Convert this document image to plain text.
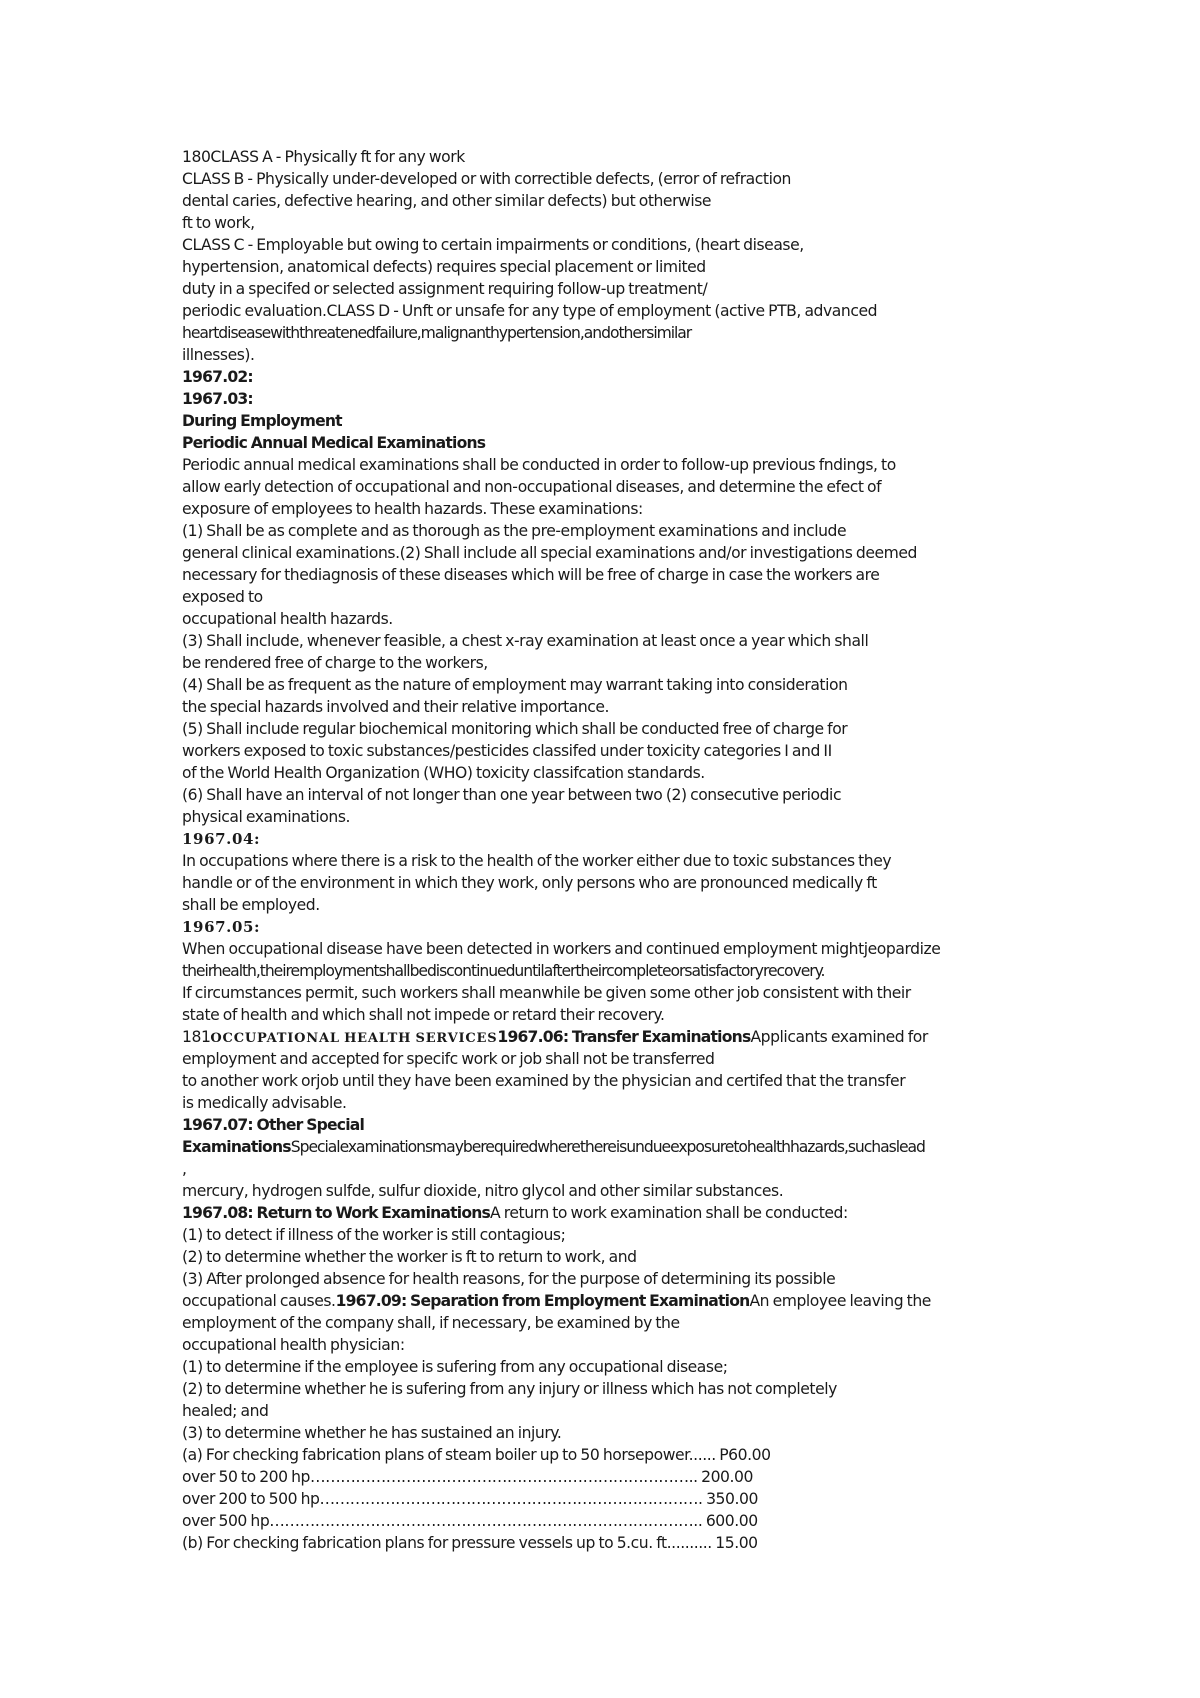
180CLASS A - Physically ft for any work
CLASS B - Physically under-developed or with correctible defects, (error of refraction
dental caries, defective hearing, and other similar defects) but otherwise
ft to work,
CLASS C - Employable but owing to certain impairments or conditions, (heart disease,
hypertension, anatomical defects) requires special placement or limited
duty in a specifed or selected assignment requiring follow-up treatment/
periodic evaluation.CLASS D - Unft or unsafe for any type of employment (active PTB, advanced
heartdiseasewiththreatenedfailure,malignanthypertension,andothersimilar
illnesses).
1967.02:
1967.03:
During Employment
Periodic Annual Medical Examinations
Periodic annual medical examinations shall be conducted in order to follow-up previous fndings, to
allow early detection of occupational and non-occupational diseases, and determine the efect of
exposure of employees to health hazards. These examinations:
(1) Shall be as complete and as thorough as the pre-employment examinations and include
general clinical examinations.(2) Shall include all special examinations and/or investigations deemed
necessary for thediagnosis of these diseases which will be free of charge in case the workers are
exposed to
occupational health hazards.
(3) Shall include, whenever feasible, a chest x-ray examination at least once a year which shall
be rendered free of charge to the workers,
(4) Shall be as frequent as the nature of employment may warrant taking into consideration
the special hazards involved and their relative importance.
(5) Shall include regular biochemical monitoring which shall be conducted free of charge for
workers exposed to toxic substances/pesticides classifed under toxicity categories I and II
of the World Health Organization (WHO) toxicity classifcation standards.
(6) Shall have an interval of not longer than one year between two (2) consecutive periodic
physical examinations.
1967.04:
In occupations where there is a risk to the health of the worker either due to toxic substances they
handle or of the environment in which they work, only persons who are pronounced medically ft
shall be employed.
1967.05:
When occupational disease have been detected in workers and continued employment mightjeopardize
theirhealth,theiremploymentshallbediscontinueduntilaftertheircompleteorsatisfactoryrecovery.
If circumstances permit, such workers shall meanwhile be given some other job consistent with their
state of health and which shall not impede or retard their recovery.
181OCCUPATIONAL HEALTH SERVICES1967.06: Transfer ExaminationsApplicants examined for
employment and accepted for specifc work or job shall not be transferred
to another work orjob until they have been examined by the physician and certifed that the transfer
is medically advisable.
1967.07: Other Special
ExaminationsSpecialexaminationsmayberequiredwherethereisundueexposuretohealthhazards,suchaslead
,
mercury, hydrogen sulfde, sulfur dioxide, nitro glycol and other similar substances.
1967.08: Return to Work ExaminationsA return to work examination shall be conducted:
(1) to detect if illness of the worker is still contagious;
(2) to determine whether the worker is ft to return to work, and
(3) After prolonged absence for health reasons, for the purpose of determining its possible
occupational causes.1967.09: Separation from Employment ExaminationAn employee leaving the
employment of the company shall, if necessary, be examined by the
occupational health physician:
(1) to determine if the employee is sufering from any occupational disease;
(2) to determine whether he is sufering from any injury or illness which has not completely
healed; and
(3) to determine whether he has sustained an injury.
(a) For checking fabrication plans of steam boiler up to 50 horsepower...... P60.00
over 50 to 200 hp………………………………………………………………….. 200.00
over 200 to 500 hp…………………………………………………………………. 350.00
over 500 hp………………………………………………………………………….. 600.00
(b) For checking fabrication plans for pressure vessels up to 5.cu. ft.......... 15.00
